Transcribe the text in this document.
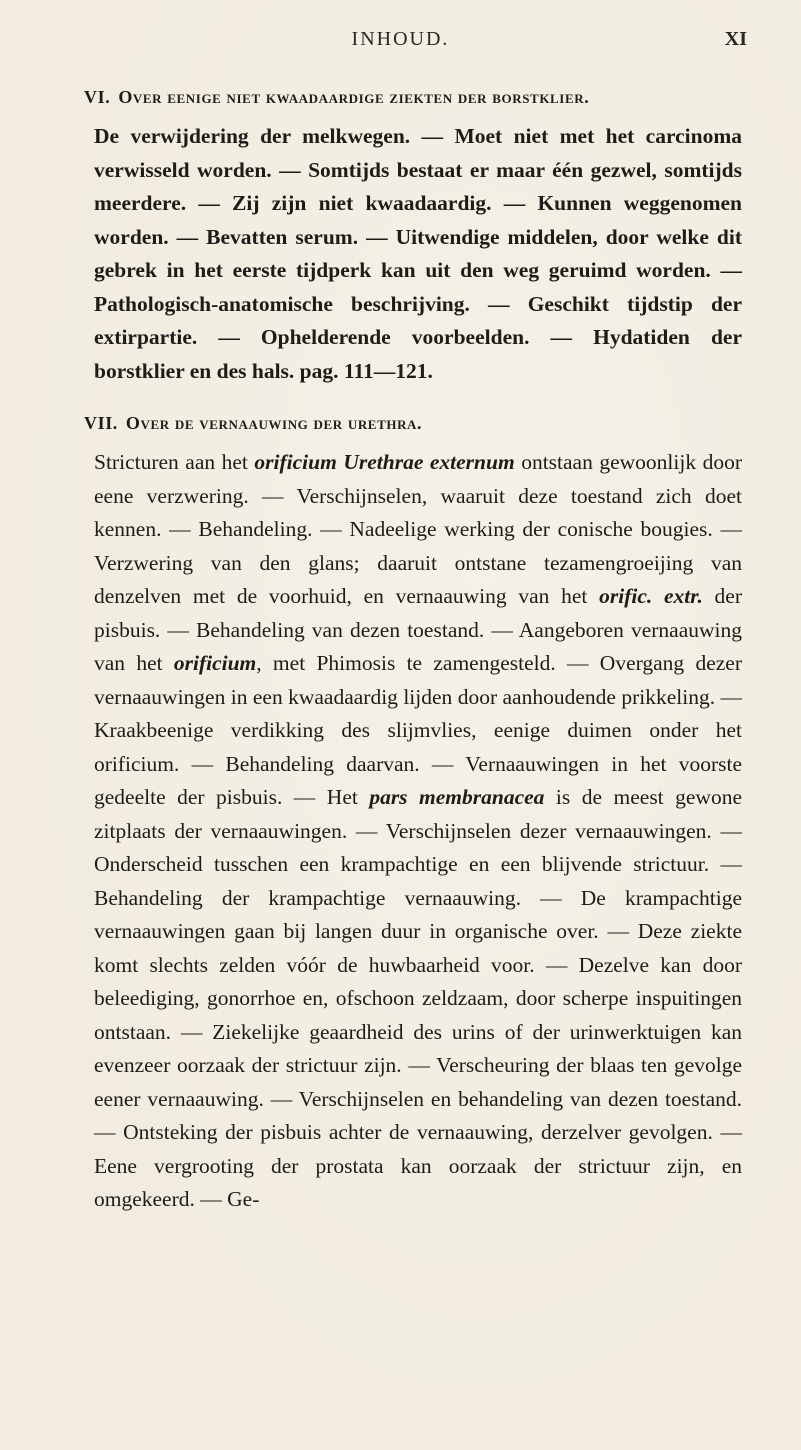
INHOUD.	XI
VI. Over eenige niet kwaadaardige ziekten der borstklier.

De verwijdering der melkwegen. — Moet niet met het carcinoma verwisseld worden. — Somtijds bestaat er maar één gezwel, somtijds meerdere. — Zij zijn niet kwaadaardig. — Kunnen weggenomen worden. — Bevatten serum. — Uitwendige middelen, door welke dit gebrek in het eerste tijdperk kan uit den weg geruimd worden. — Pathologisch-anatomische beschrijving. — Geschikt tijdstip der extirpartie. — Ophelderende voorbeelden. — Hydatiden der borstklier en des hals. pag. 111—121.

VII. Over de vernaauwing der urethra.

Stricturen aan het orificium Urethrae externum ontstaan gewoonlijk door eene verzwering. — Verschijnselen, waaruit deze toestand zich doet kennen. — Behandeling. — Nadeelige werking der conische bougies. — Verzwering van den glans; daaruit ontstane tezamengroeijing van denzelven met de voorhuid, en vernaauwing van het orific. extr. der pisbuis. — Behandeling van dezen toestand. — Aangeboren vernaauwing van het orificium, met Phimosis te zamengesteld. — Overgang dezer vernaauwingen in een kwaadaardig lijden door aanhoudende prikkeling. — Kraakbeenige verdikking des slijmvlies, eenige duimen onder het orificium. — Behandeling daarvan. — Vernaauwingen in het voorste gedeelte der pisbuis. — Het pars membranacea is de meest gewone zitplaats der vernaauwingen. — Verschijnselen dezer vernaauwingen. — Onderscheid tusschen een krampachtige en een blijvende strictuur. — Behandeling der krampachtige vernaauwing. — De krampachtige vernaauwingen gaan bij langen duur in organische over. — Deze ziekte komt slechts zelden vóór de huwbaarheid voor. — Dezelve kan door beleediging, gonorrhoe en, ofschoon zeldzaam, door scherpe inspuitingen ontstaan. — Ziekelijke geaardheid des urins of der urinwerktuigen kan evenzeer oorzaak der strictuur zijn. — Verscheuring der blaas ten gevolge eener vernaauwing. — Verschijnselen en behandeling van dezen toestand. — Ontsteking der pisbuis achter de vernaauwing, derzelver gevolgen. — Eene vergrooting der prostata kan oorzaak der strictuur zijn, en omgekeerd. — Ge-
